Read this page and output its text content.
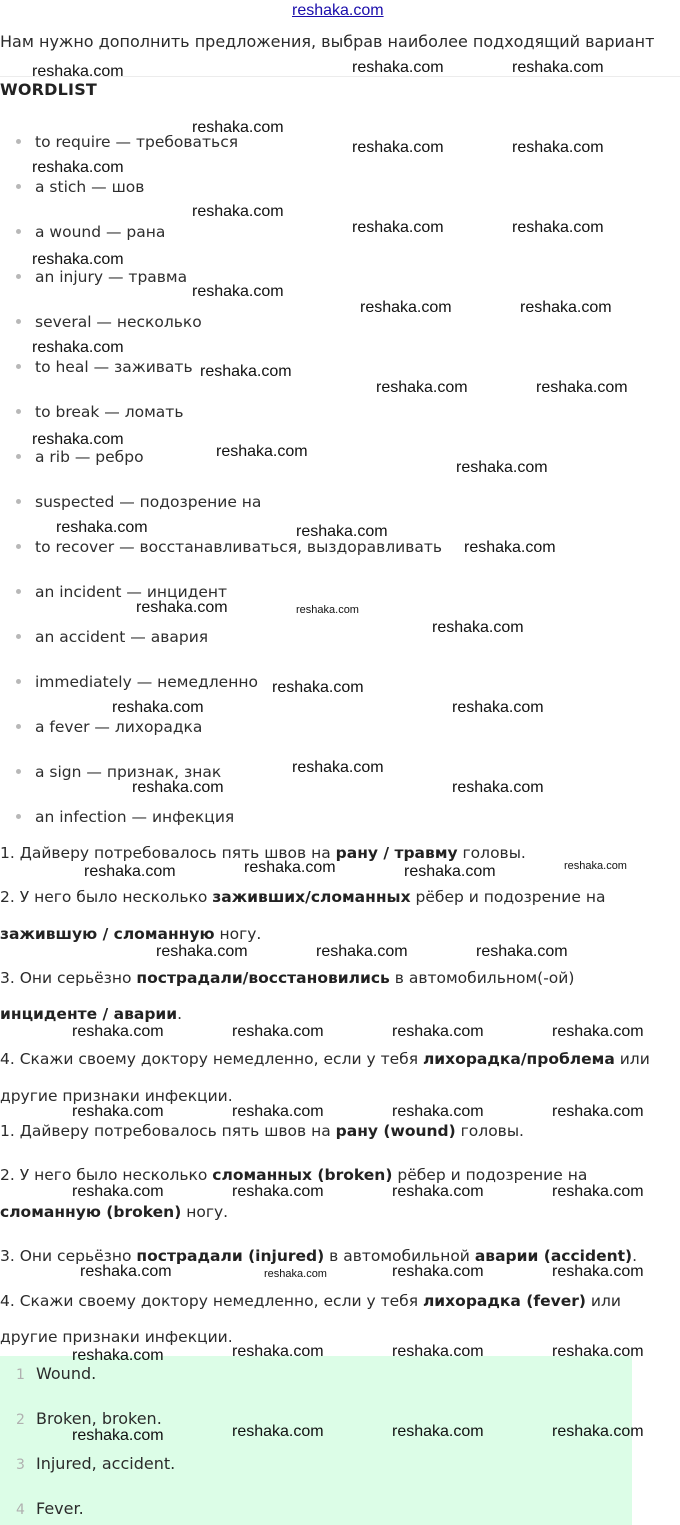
reshaka.com
Нам нужно дополнить предложения, выбрав наиболее подходящий вариант
WORDLIST
to require — требоваться
a stich — шов
a wound — рана
an injury — травма
several — несколько
to heal — заживать
to break — ломать
a rib — ребро
suspected — подозрение на
to recover — восстанавливаться, выздоравливать
an incident — инцидент
an accident — авария
immediately — немедленно
a fever — лихорадка
a sign — признак, знак
an infection — инфекция
1. Дайверу потребовалось пять швов на рану / травму головы.
2. У него было несколько заживших/сломанных рёбер и подозрение на
зажившую / сломанную ногу.
3. Они серьёзно пострадали/восстановились в автомобильном(-ой)
инциденте / аварии.
4. Скажи своему доктору немедленно, если у тебя лихорадка/проблема или
другие признаки инфекции.
1. Дайверу потребовалось пять швов на рану (wound) головы.
2. У него было несколько сломанных (broken) рёбер и подозрение на
сломанную (broken) ногу.
3. Они серьёзно пострадали (injured) в автомобильной аварии (accident).
4. Скажи своему доктору немедленно, если у тебя лихорадка (fever) или
другие признаки инфекции.
1 Wound.
2 Broken, broken.
3 Injured, accident.
4 Fever.
reshaka.com	reshaka.com	reshaka.com
reshaka.com
reshaka.com	reshaka.com
reshaka.com
reshaka.com
reshaka.com	reshaka.com
reshaka.com
reshaka.com
reshaka.com	reshaka.com
reshaka.com
reshaka.com
reshaka.com	reshaka.com
reshaka.com
reshaka.com
reshaka.com
reshaka.com	reshaka.com
reshaka.com
reshaka.com
reshaka.com
reshaka.com
reshaka.com	reshaka.com
reshaka.com
reshaka.com	reshaka.com
reshaka.com	reshaka.com	reshaka.com
reshaka.com	reshaka.com	reshaka.com
reshaka.com	reshaka.com	reshaka.com	reshaka.com
reshaka.com	reshaka.com	reshaka.com	reshaka.com
reshaka.com	reshaka.com	reshaka.com	reshaka.com
reshaka.com	reshaka.com	reshaka.com
reshaka.com	reshaka.com	reshaka.com	reshaka.com
reshaka.com	reshaka.com	reshaka.com	reshaka.com
reshaka.com
reshaka.com
reshaka.com
